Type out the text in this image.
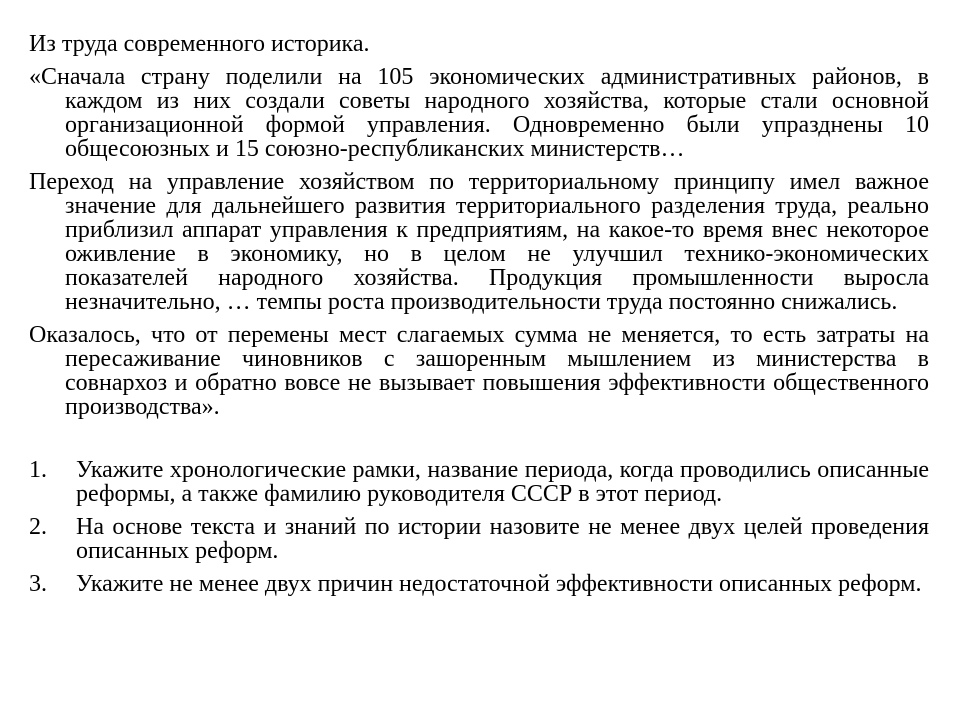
Из труда современного историка.

«Сначала страну поделили на 105 экономических административных районов, в каждом из них создали советы народного хозяйства, которые стали основной организационной формой управления. Одновременно были упразднены 10 общесоюзных и 15 союзно-республиканских министерств…

Переход на управление хозяйством по территориальному принципу имел важное значение для дальнейшего развития территориального разделения труда, реально приблизил аппарат управления к предприятиям, на какое-то время внес некоторое оживление в экономику, но в целом не улучшил технико-экономических показателей народного хозяйства. Продукция промышленности выросла незначительно, … темпы роста производительности труда постоянно снижались.

Оказалось, что от перемены мест слагаемых сумма не меняется, то есть затраты на пересаживание чиновников с зашоренным мышлением из министерства в совнархоз и обратно вовсе не вызывает повышения эффективности общественного производства».

1.	Укажите хронологические рамки, название периода, когда проводились описанные реформы, а также фамилию руководителя СССР в этот период.
2.	На основе текста и знаний по истории назовите не менее двух целей проведения описанных реформ.
3.	Укажите не менее двух причин недостаточной эффективности описанных реформ.
